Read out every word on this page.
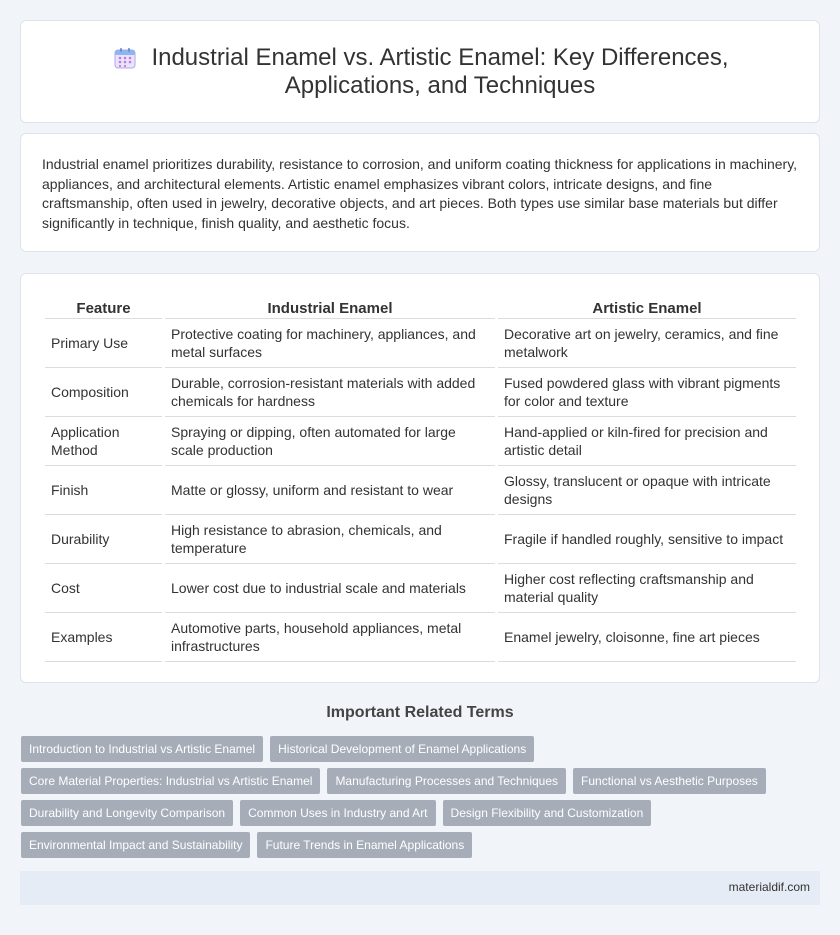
Industrial Enamel vs. Artistic Enamel: Key Differences, Applications, and Techniques

Industrial enamel prioritizes durability, resistance to corrosion, and uniform coating thickness for applications in machinery, appliances, and architectural elements. Artistic enamel emphasizes vibrant colors, intricate designs, and fine craftsmanship, often used in jewelry, decorative objects, and art pieces. Both types use similar base materials but differ significantly in technique, finish quality, and aesthetic focus.

Feature	Industrial Enamel	Artistic Enamel
Primary Use	Protective coating for machinery, appliances, and metal surfaces	Decorative art on jewelry, ceramics, and fine metalwork
Composition	Durable, corrosion-resistant materials with added chemicals for hardness	Fused powdered glass with vibrant pigments for color and texture
Application Method	Spraying or dipping, often automated for large scale production	Hand-applied or kiln-fired for precision and artistic detail
Finish	Matte or glossy, uniform and resistant to wear	Glossy, translucent or opaque with intricate designs
Durability	High resistance to abrasion, chemicals, and temperature	Fragile if handled roughly, sensitive to impact
Cost	Lower cost due to industrial scale and materials	Higher cost reflecting craftsmanship and material quality
Examples	Automotive parts, household appliances, metal infrastructures	Enamel jewelry, cloisonne, fine art pieces
Important Related Terms
Introduction to Industrial vs Artistic Enamel	Historical Development of Enamel Applications
Core Material Properties: Industrial vs Artistic Enamel	Manufacturing Processes and Techniques	Functional vs Aesthetic Purposes
Durability and Longevity Comparison	Common Uses in Industry and Art	Design Flexibility and Customization
Environmental Impact and Sustainability	Future Trends in Enamel Applications
materialdif.com
